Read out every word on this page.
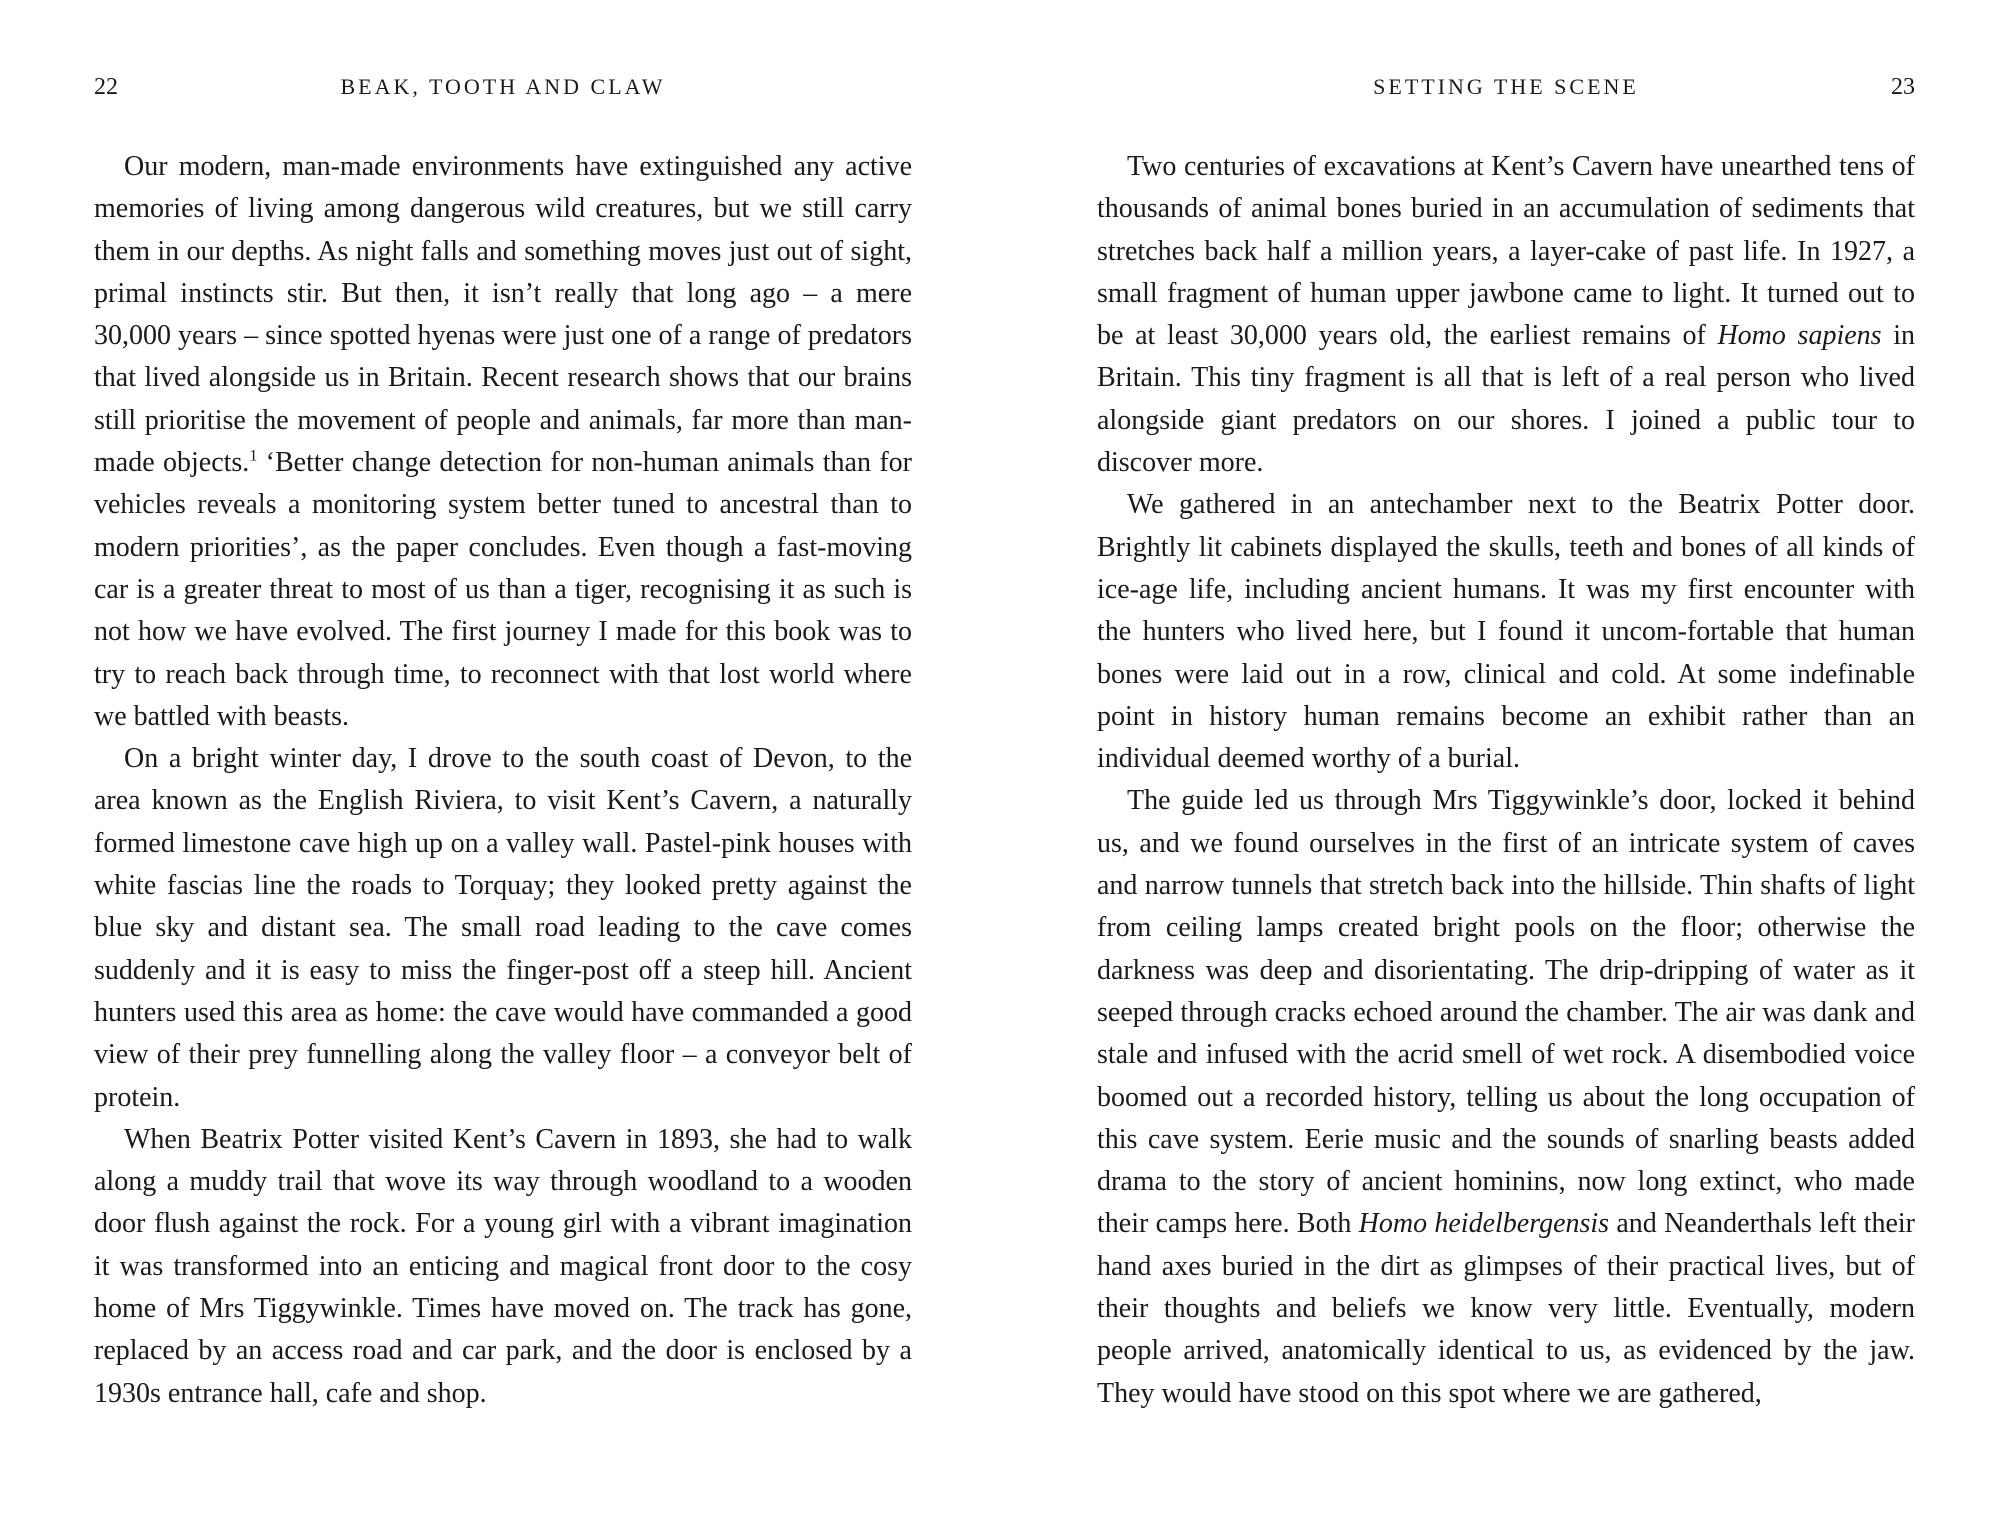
22	BEAK, TOOTH AND CLAW

Our modern, man-made environments have extinguished any active memories of living among dangerous wild creatures, but we still carry them in our depths. As night falls and something moves just out of sight, primal instincts stir. But then, it isn’t really that long ago – a mere 30,000 years – since spotted hyenas were just one of a range of predators that lived alongside us in Britain. Recent research shows that our brains still prioritise the movement of people and animals, far more than man-made objects.$^1$ ‘Better change detection for non-human animals than for vehicles reveals a monitoring system better tuned to ancestral than to modern priorities’, as the paper concludes. Even though a fast-moving car is a greater threat to most of us than a tiger, recognising it as such is not how we have evolved. The first journey I made for this book was to try to reach back through time, to reconnect with that lost world where we battled with beasts.

On a bright winter day, I drove to the south coast of Devon, to the area known as the English Riviera, to visit Kent’s Cavern, a naturally formed limestone cave high up on a valley wall. Pastel-pink houses with white fascias line the roads to Torquay; they looked pretty against the blue sky and distant sea. The small road leading to the cave comes suddenly and it is easy to miss the finger-post off a steep hill. Ancient hunters used this area as home: the cave would have commanded a good view of their prey funnelling along the valley floor – a conveyor belt of protein.

When Beatrix Potter visited Kent’s Cavern in 1893, she had to walk along a muddy trail that wove its way through woodland to a wooden door flush against the rock. For a young girl with a vibrant imagination it was transformed into an enticing and magical front door to the cosy home of Mrs Tiggywinkle. Times have moved on. The track has gone, replaced by an access road and car park, and the door is enclosed by a 1930s entrance hall, cafe and shop.

SETTING THE SCENE	23

Two centuries of excavations at Kent’s Cavern have unearthed tens of thousands of animal bones buried in an accumulation of sediments that stretches back half a million years, a layer-cake of past life. In 1927, a small fragment of human upper jawbone came to light. It turned out to be at least 30,000 years old, the earliest remains of Homo sapiens in Britain. This tiny fragment is all that is left of a real person who lived alongside giant predators on our shores. I joined a public tour to discover more.

We gathered in an antechamber next to the Beatrix Potter door. Brightly lit cabinets displayed the skulls, teeth and bones of all kinds of ice-age life, including ancient humans. It was my first encounter with the hunters who lived here, but I found it uncom-fortable that human bones were laid out in a row, clinical and cold. At some indefinable point in history human remains become an exhibit rather than an individual deemed worthy of a burial.

The guide led us through Mrs Tiggywinkle’s door, locked it behind us, and we found ourselves in the first of an intricate system of caves and narrow tunnels that stretch back into the hillside. Thin shafts of light from ceiling lamps created bright pools on the floor; otherwise the darkness was deep and disorientating. The drip-dripping of water as it seeped through cracks echoed around the chamber. The air was dank and stale and infused with the acrid smell of wet rock. A disembodied voice boomed out a recorded history, telling us about the long occupation of this cave system. Eerie music and the sounds of snarling beasts added drama to the story of ancient hominins, now long extinct, who made their camps here. Both Homo heidelbergensis and Neanderthals left their hand axes buried in the dirt as glimpses of their practical lives, but of their thoughts and beliefs we know very little. Eventually, modern people arrived, anatomically identical to us, as evidenced by the jaw. They would have stood on this spot where we are gathered,
